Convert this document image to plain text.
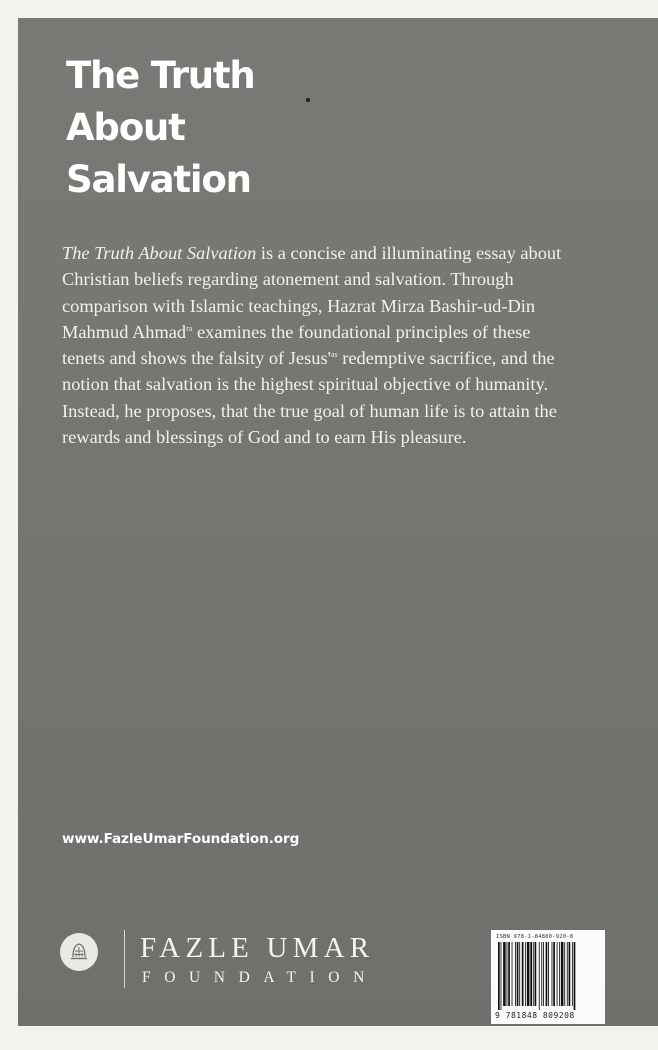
The Truth
About
Salvation

The Truth About Salvation is a concise and illuminating essay about Christian beliefs regarding atonement and salvation. Through comparison with Islamic teachings, Hazrat Mirza Bashir-ud-Din Mahmud Ahmad$^{ra}$ examines the foundational principles of these tenets and shows the falsity of $Jesus'^{as}$ redemptive sacrifice, and the notion that salvation is the highest spiritual objective of humanity. Instead, he proposes, that the true goal of human life is to attain the rewards and blessings of God and to earn His pleasure.

www.FazleUmarFoundation.org
FAZLE UMAR
FOUNDATION
ISBN 978-1-84880-920-8
9 781848 809208
